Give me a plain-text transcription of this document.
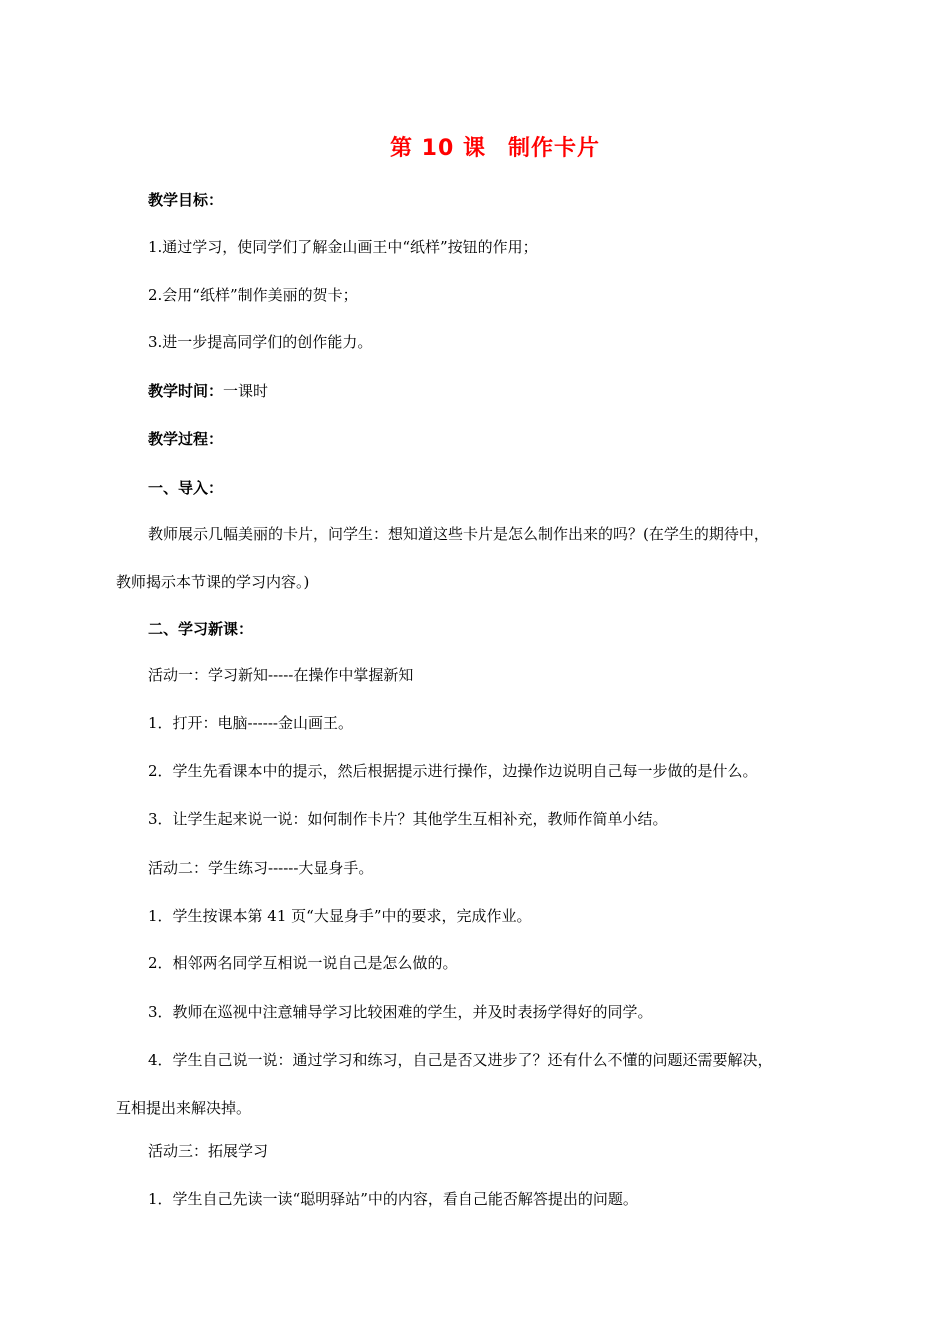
第 10 课 制作卡片
教学目标：
1.通过学习，使同学们了解金山画王中“纸样”按钮的作用；
2.会用“纸样”制作美丽的贺卡；
3.进一步提高同学们的创作能力。
教学时间：一课时
教学过程：
一、导入：
教师展示几幅美丽的卡片，问学生：想知道这些卡片是怎么制作出来的吗？(在学生的期待中，
教师揭示本节课的学习内容。)
二、学习新课：
活动一：学习新知-----在操作中掌握新知
1．打开：电脑------金山画王。
2．学生先看课本中的提示，然后根据提示进行操作，边操作边说明自己每一步做的是什么。
3．让学生起来说一说：如何制作卡片？其他学生互相补充，教师作简单小结。
活动二：学生练习------大显身手。
1．学生按课本第 41 页“大显身手”中的要求，完成作业。
2．相邻两名同学互相说一说自己是怎么做的。
3．教师在巡视中注意辅导学习比较困难的学生，并及时表扬学得好的同学。
4．学生自己说一说：通过学习和练习，自己是否又进步了？还有什么不懂的问题还需要解决，
互相提出来解决掉。
活动三：拓展学习
1．学生自己先读一读“聪明驿站”中的内容，看自己能否解答提出的问题。
